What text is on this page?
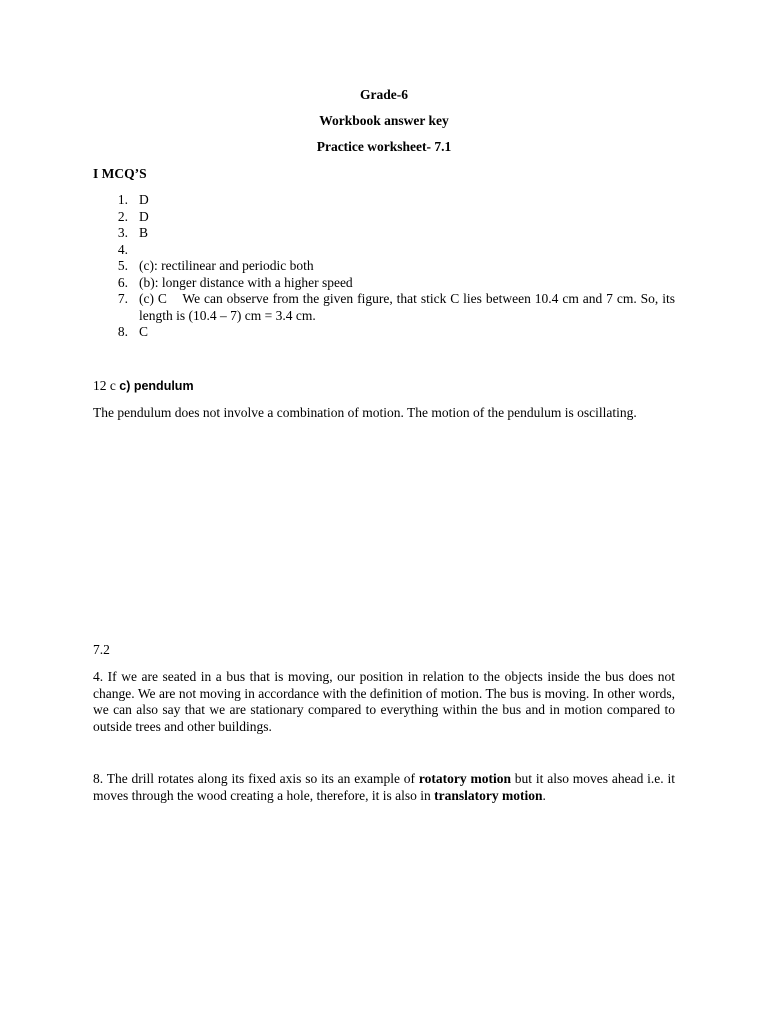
Grade-6
Workbook answer key
Practice worksheet- 7.1
I MCQ’S
1. D
2. D
3. B
4.
5. (c): rectilinear and periodic both
6. (b): longer distance with a higher speed
7. (c) C    We can observe from the given figure, that stick C lies between 10.4 cm and 7 cm. So, its length is (10.4 – 7) cm = 3.4 cm.
8. C
12 c c) pendulum
The pendulum does not involve a combination of motion. The motion of the pendulum is oscillating.
7.2
4. If we are seated in a bus that is moving, our position in relation to the objects inside the bus does not change. We are not moving in accordance with the definition of motion. The bus is moving. In other words, we can also say that we are stationary compared to everything within the bus and in motion compared to outside trees and other buildings.
8. The drill rotates along its fixed axis so its an example of rotatory motion but it also moves ahead i.e. it moves through the wood creating a hole, therefore, it is also in translatory motion.
